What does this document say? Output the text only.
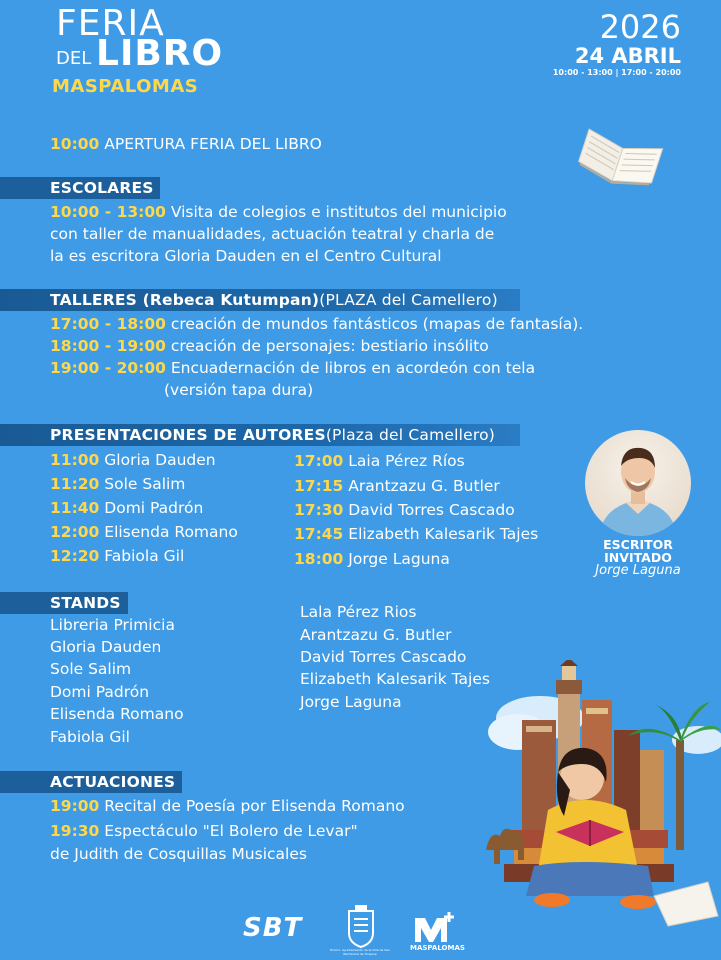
FERIA
DEL LIBRO
MASPALOMAS
2026
24 ABRIL
10:00 - 13:00 | 17:00 - 20:00
10:00 APERTURA FERIA DEL LIBRO
ESCOLARES
10:00 - 13:00 Visita de colegios e institutos del municipio
con taller de manualidades, actuación teatral y charla de
la es escritora Gloria Dauden en el Centro Cultural
TALLERES (Rebeca Kutumpan) (PLAZA del Camellero)
17:00 - 18:00 creación de mundos fantásticos (mapas de fantasía).
18:00 - 19:00 creación de personajes: bestiario insólito
19:00 - 20:00 Encuadernación de libros en acordeón con tela
(versión tapa dura)
PRESENTACIONES DE AUTORES (Plaza del Camellero)
11:00 Gloria Dauden
11:20 Sole Salim
11:40 Domi Padrón
12:00 Elisenda Romano
12:20 Fabiola Gil
17:00 Laia Pérez Ríos
17:15 Arantzazu G. Butler
17:30 David Torres Cascado
17:45 Elizabeth Kalesarik Tajes
18:00 Jorge Laguna
ESCRITOR
INVITADO
Jorge Laguna
STANDS
Libreria Primicia
Gloria Dauden
Sole Salim
Domi Padrón
Elisenda Romano
Fabiola Gil
Lala Pérez Rios
Arantzazu G. Butler
David Torres Cascado
Elizabeth Kalesarik Tajes
Jorge Laguna
ACTUACIONES
19:00 Recital de Poesía por Elisenda Romano
19:30 Espectáculo "El Bolero de Levar"
de Judith de Cosquillas Musicales
SBT
Excmo. Ayuntamiento de la Villa de San Bartolomé de Tirajana
MASPALOMAS
